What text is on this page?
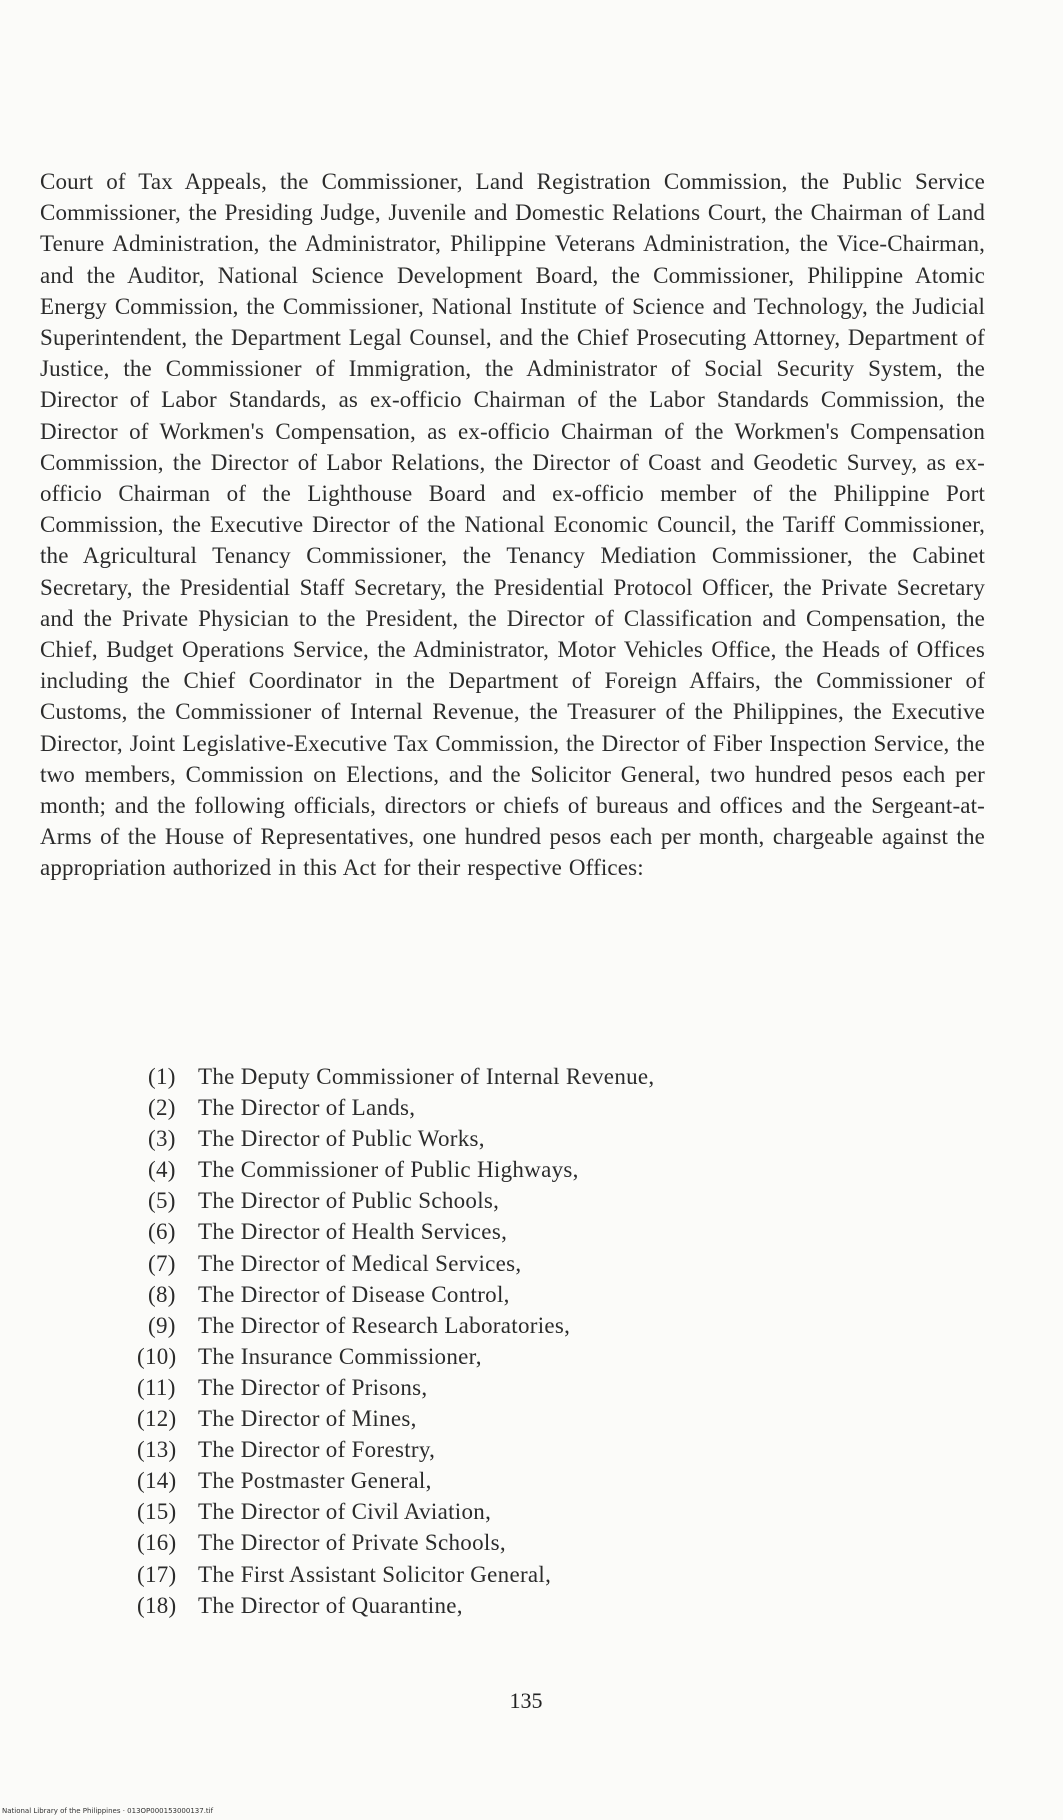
Court of Tax Appeals, the Commissioner, Land Registration Commission, the Public Service Commissioner, the Presiding Judge, Juvenile and Domestic Relations Court, the Chairman of Land Tenure Administration, the Administrator, Philippine Veterans Administration, the Vice-Chairman, and the Auditor, National Science Development Board, the Commissioner, Philippine Atomic Energy Commission, the Commissioner, National Institute of Science and Technology, the Judicial Superintendent, the Department Legal Counsel, and the Chief Prosecuting Attorney, Department of Justice, the Commissioner of Immigration, the Administrator of Social Security System, the Director of Labor Standards, as ex-officio Chairman of the Labor Standards Commission, the Director of Workmen's Compensation, as ex-officio Chairman of the Workmen's Compensation Commission, the Director of Labor Relations, the Director of Coast and Geodetic Survey, as ex-officio Chairman of the Lighthouse Board and ex-officio member of the Philippine Port Commission, the Executive Director of the National Economic Council, the Tariff Commissioner, the Agricultural Tenancy Commissioner, the Tenancy Mediation Commissioner, the Cabinet Secretary, the Presidential Staff Secretary, the Presidential Protocol Officer, the Private Secretary and the Private Physician to the President, the Director of Classification and Compensation, the Chief, Budget Operations Service, the Administrator, Motor Vehicles Office, the Heads of Offices including the Chief Coordinator in the Department of Foreign Affairs, the Commissioner of Customs, the Commissioner of Internal Revenue, the Treasurer of the Philippines, the Executive Director, Joint Legislative-Executive Tax Commission, the Director of Fiber Inspection Service, the two members, Commission on Elections, and the Solicitor General, two hundred pesos each per month; and the following officials, directors or chiefs of bureaus and offices and the Sergeant-at-Arms of the House of Representatives, one hundred pesos each per month, chargeable against the appropriation authorized in this Act for their respective Offices:

(1) The Deputy Commissioner of Internal Revenue,
(2) The Director of Lands,
(3) The Director of Public Works,
(4) The Commissioner of Public Highways,
(5) The Director of Public Schools,
(6) The Director of Health Services,
(7) The Director of Medical Services,
(8) The Director of Disease Control,
(9) The Director of Research Laboratories,
(10) The Insurance Commissioner,
(11) The Director of Prisons,
(12) The Director of Mines,
(13) The Director of Forestry,
(14) The Postmaster General,
(15) The Director of Civil Aviation,
(16) The Director of Private Schools,
(17) The First Assistant Solicitor General,
(18) The Director of Quarantine,
135
National Library of the Philippines · 013OP000153000137.tif
